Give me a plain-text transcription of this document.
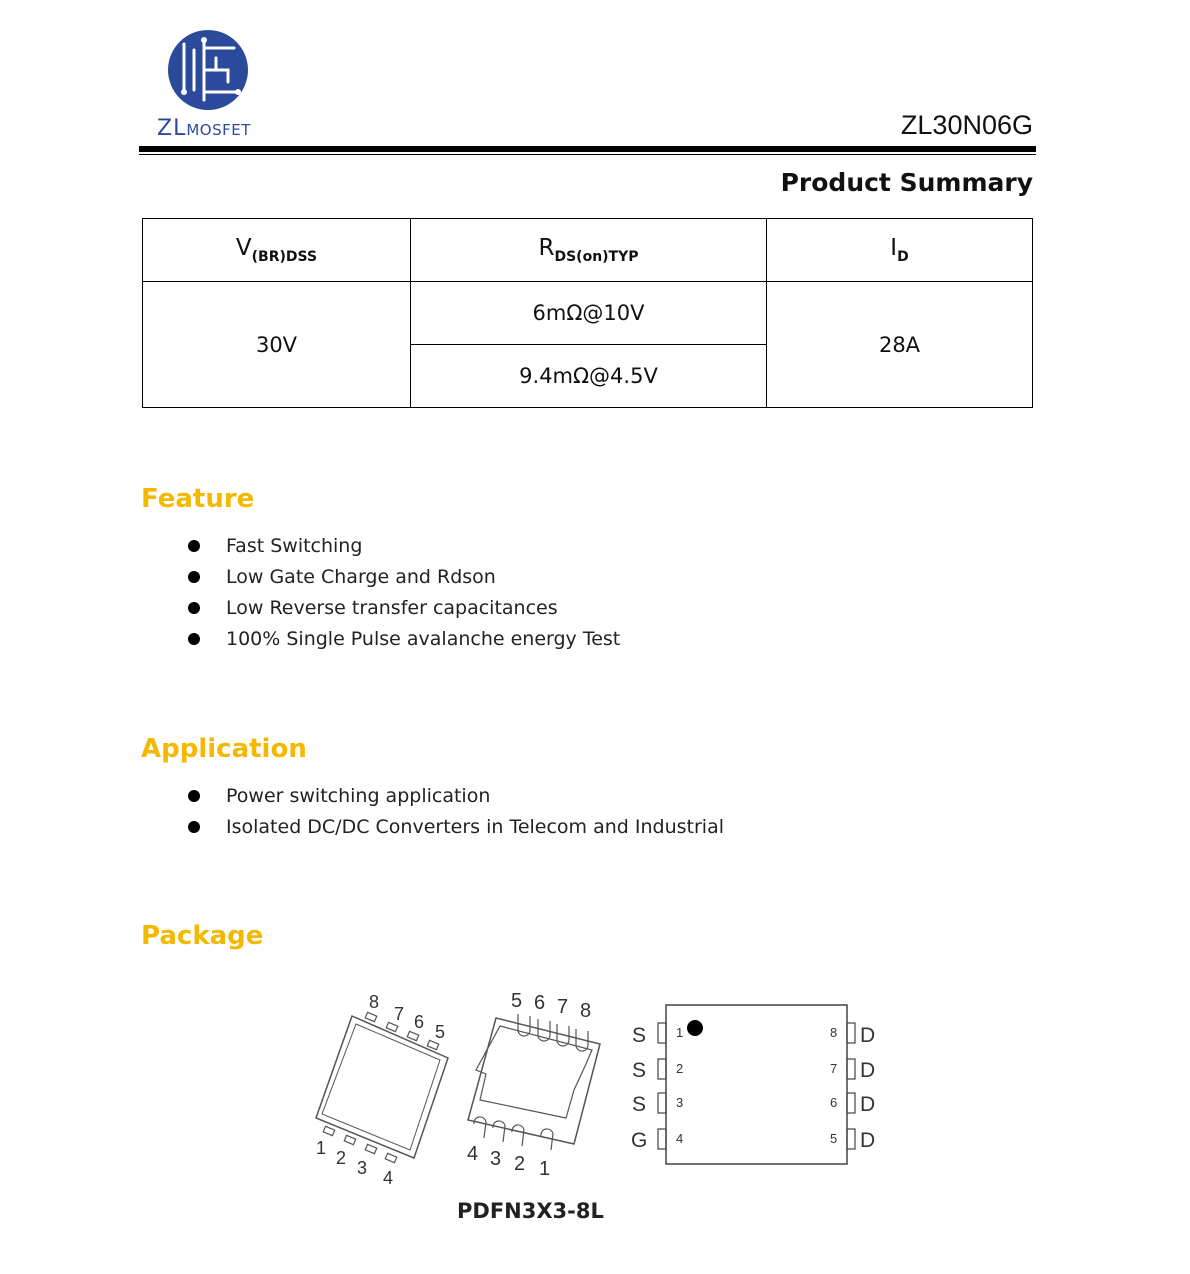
ZLMOSFET	ZL30N06G
Product Summary
$V_{(BR)DSS}$	$R_{DS(on)TYP}$	$I_D$
30V	6mΩ@10V	28A
	9.4mΩ@4.5V	
Feature
Fast Switching
Low Gate Charge and Rdson
Low Reverse transfer capacitances
100% Single Pulse avalanche energy Test
Application
Power switching application
Isolated DC/DC Converters in Telecom and Industrial
Package
8
7 6 5
1 2 3 4
5 6 7 8
4 3 2 1
S
S
S
G
1
2
3
4
8
7
6
5
D
D
D
D
PDFN3X3-8L
